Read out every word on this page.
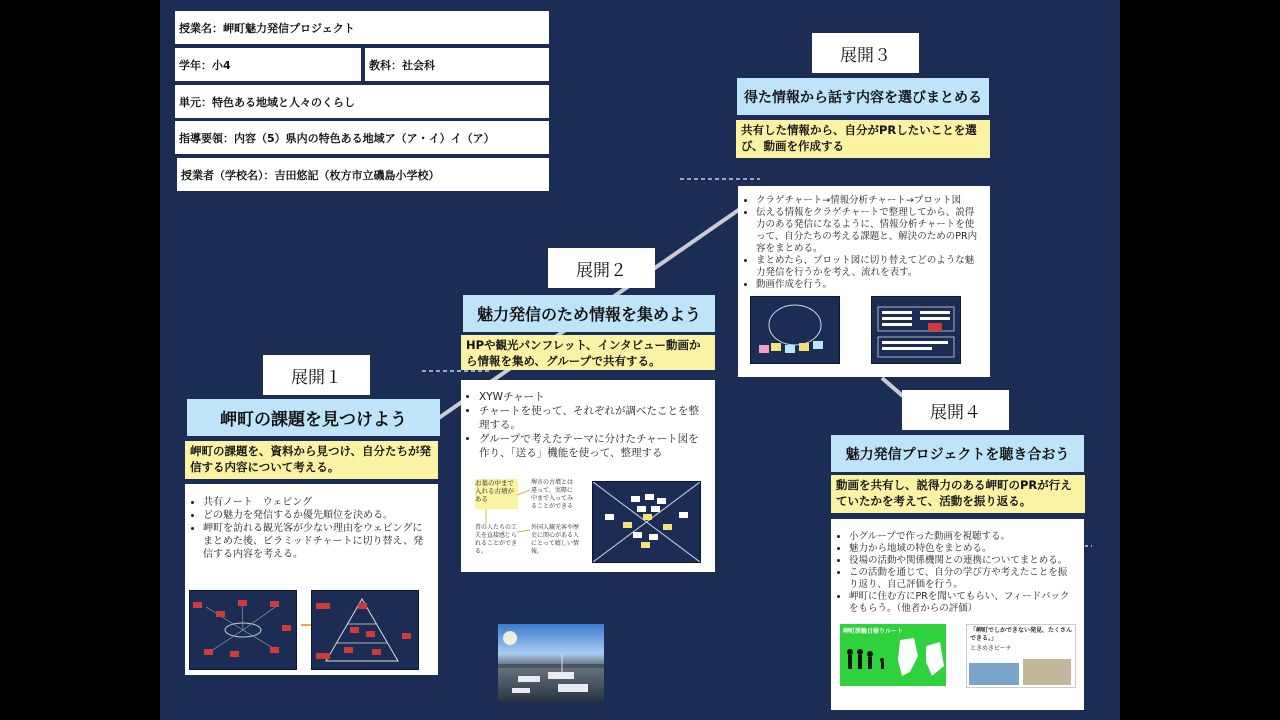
授業名：岬町魅力発信プロジェクト
学年：小4	教科：社会科
単元：特色ある地域と人々のくらし
指導要領：内容（5）県内の特色ある地域ア（ア・イ）イ（ア）
授業者（学校名）：吉田悠記（枚方市立磯島小学校）
展開１
岬町の課題を見つけよう
岬町の課題を、資料から見つけ、自分たちが発信する内容について考える。
• 共有ノート　ウェビング
• どの魅力を発信するか優先順位を決める。
• 岬町を訪れる観光客が少ない理由をウェビングにまとめた後、ピラミッドチャートに切り替え、発信する内容を考える。
展開２
魅力発信のため情報を集めよう
HPや観光パンフレット、インタビュー動画から情報を集め、グループで共有する。
• XYWチャート
• チャートを使って、それぞれが調べたことを整理する。
• グループで考えたテーマに分けたチャート図を作り、「送る」機能を使って、整理する
お墓の中まで入れる古墳がある
堺市の古墳とは違って、実際に中まで入ってみることができる
昔の人たちの工夫を直接感じられることができる。
外国人観光客や歴史に関心がある人にとって嬉しい情報。
展開３
得た情報から話す内容を選びまとめる
共有した情報から、自分がPRしたいことを選び、動画を作成する
• クラゲチャート→情報分析チャート→プロット図
• 伝える情報をクラゲチャートで整理してから、説得力のある発信になるように、情報分析チャートを使って、自分たちの考える課題と、解決のためのPR内容をまとめる。
• まとめたら、プロット図に切り替えてどのような魅力発信を行うかを考え、流れを表す。
• 動画作成を行う。
展開４
魅力発信プロジェクトを聴き合おう
動画を共有し、説得力のある岬町のPRが行えていたかを考えて、活動を振り返る。
• 小グループで作った動画を視聴する。
• 魅力から地域の特色をまとめる。
• 役場の活動や関係機関との連携についてまとめる。
• この活動を通じて、自分の学び方や考えたことを振り返り、自己評価を行う。
• 岬町に住む方にPRを聞いてもらい、フィードバックをもらう。（他者からの評価）
岬町淡輪日帰りルート	「岬町でしかできない発見、たくさんできる。」
ときめきビーチ
